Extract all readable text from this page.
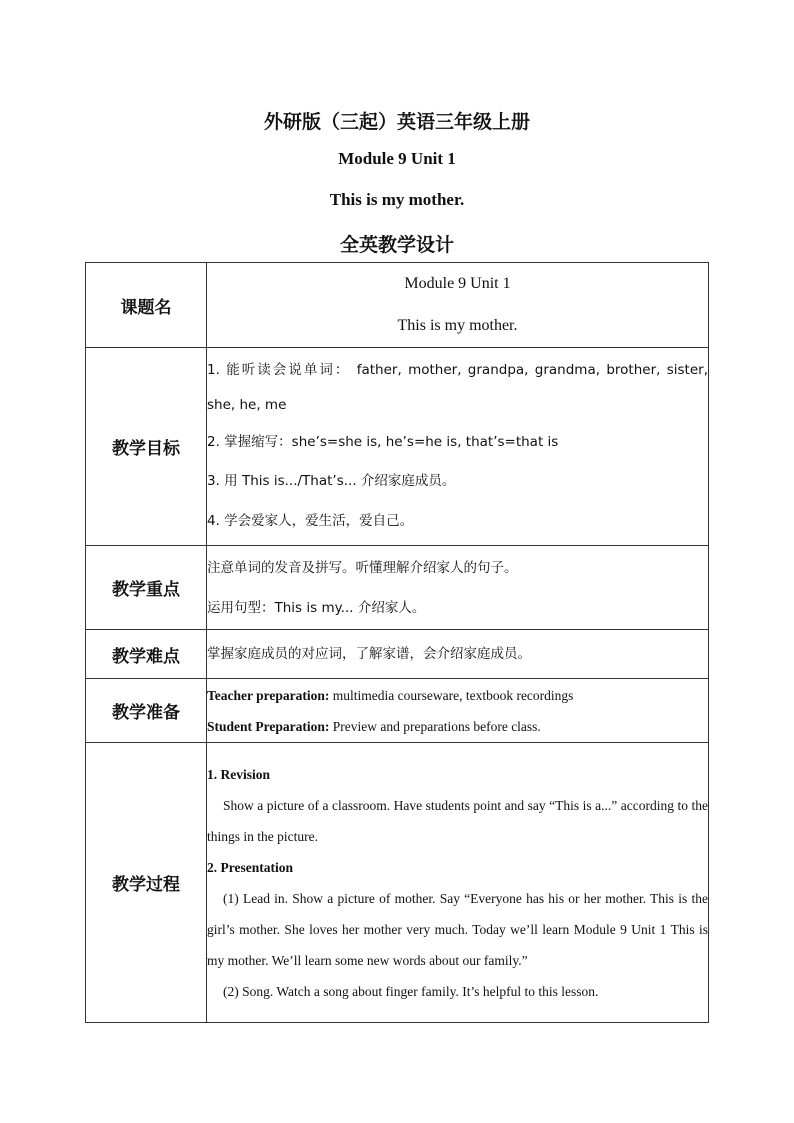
外研版（三起）英语三年级上册
Module 9 Unit 1
This is my mother.
全英教学设计
课题名	Module 9 Unit 1

This is my mother.

教学目标	1. 能听读会说单词： father, mother, grandpa, grandma, brother, sister, she, he, me

2. 掌握缩写：she’s=she is, he’s=he is, that’s=that is

3. 用 This is.../That’s... 介绍家庭成员。

4. 学会爱家人，爱生活，爱自己。

教学重点	注意单词的发音及拼写。听懂理解介绍家人的句子。

运用句型：This is my... 介绍家人。

教学难点	掌握家庭成员的对应词，了解家谱，会介绍家庭成员。

教学准备	Teacher preparation: multimedia courseware, textbook recordings

Student Preparation: Preview and preparations before class.

教学过程	1. Revision

Show a picture of a classroom. Have students point and say “This is a...” according to the things in the picture.

2. Presentation

(1) Lead in. Show a picture of mother. Say “Everyone has his or her mother. This is the girl’s mother. She loves her mother very much. Today we’ll learn Module 9 Unit 1 This is my mother. We’ll learn some new words about our family.”

(2) Song. Watch a song about finger family. It’s helpful to this lesson.
